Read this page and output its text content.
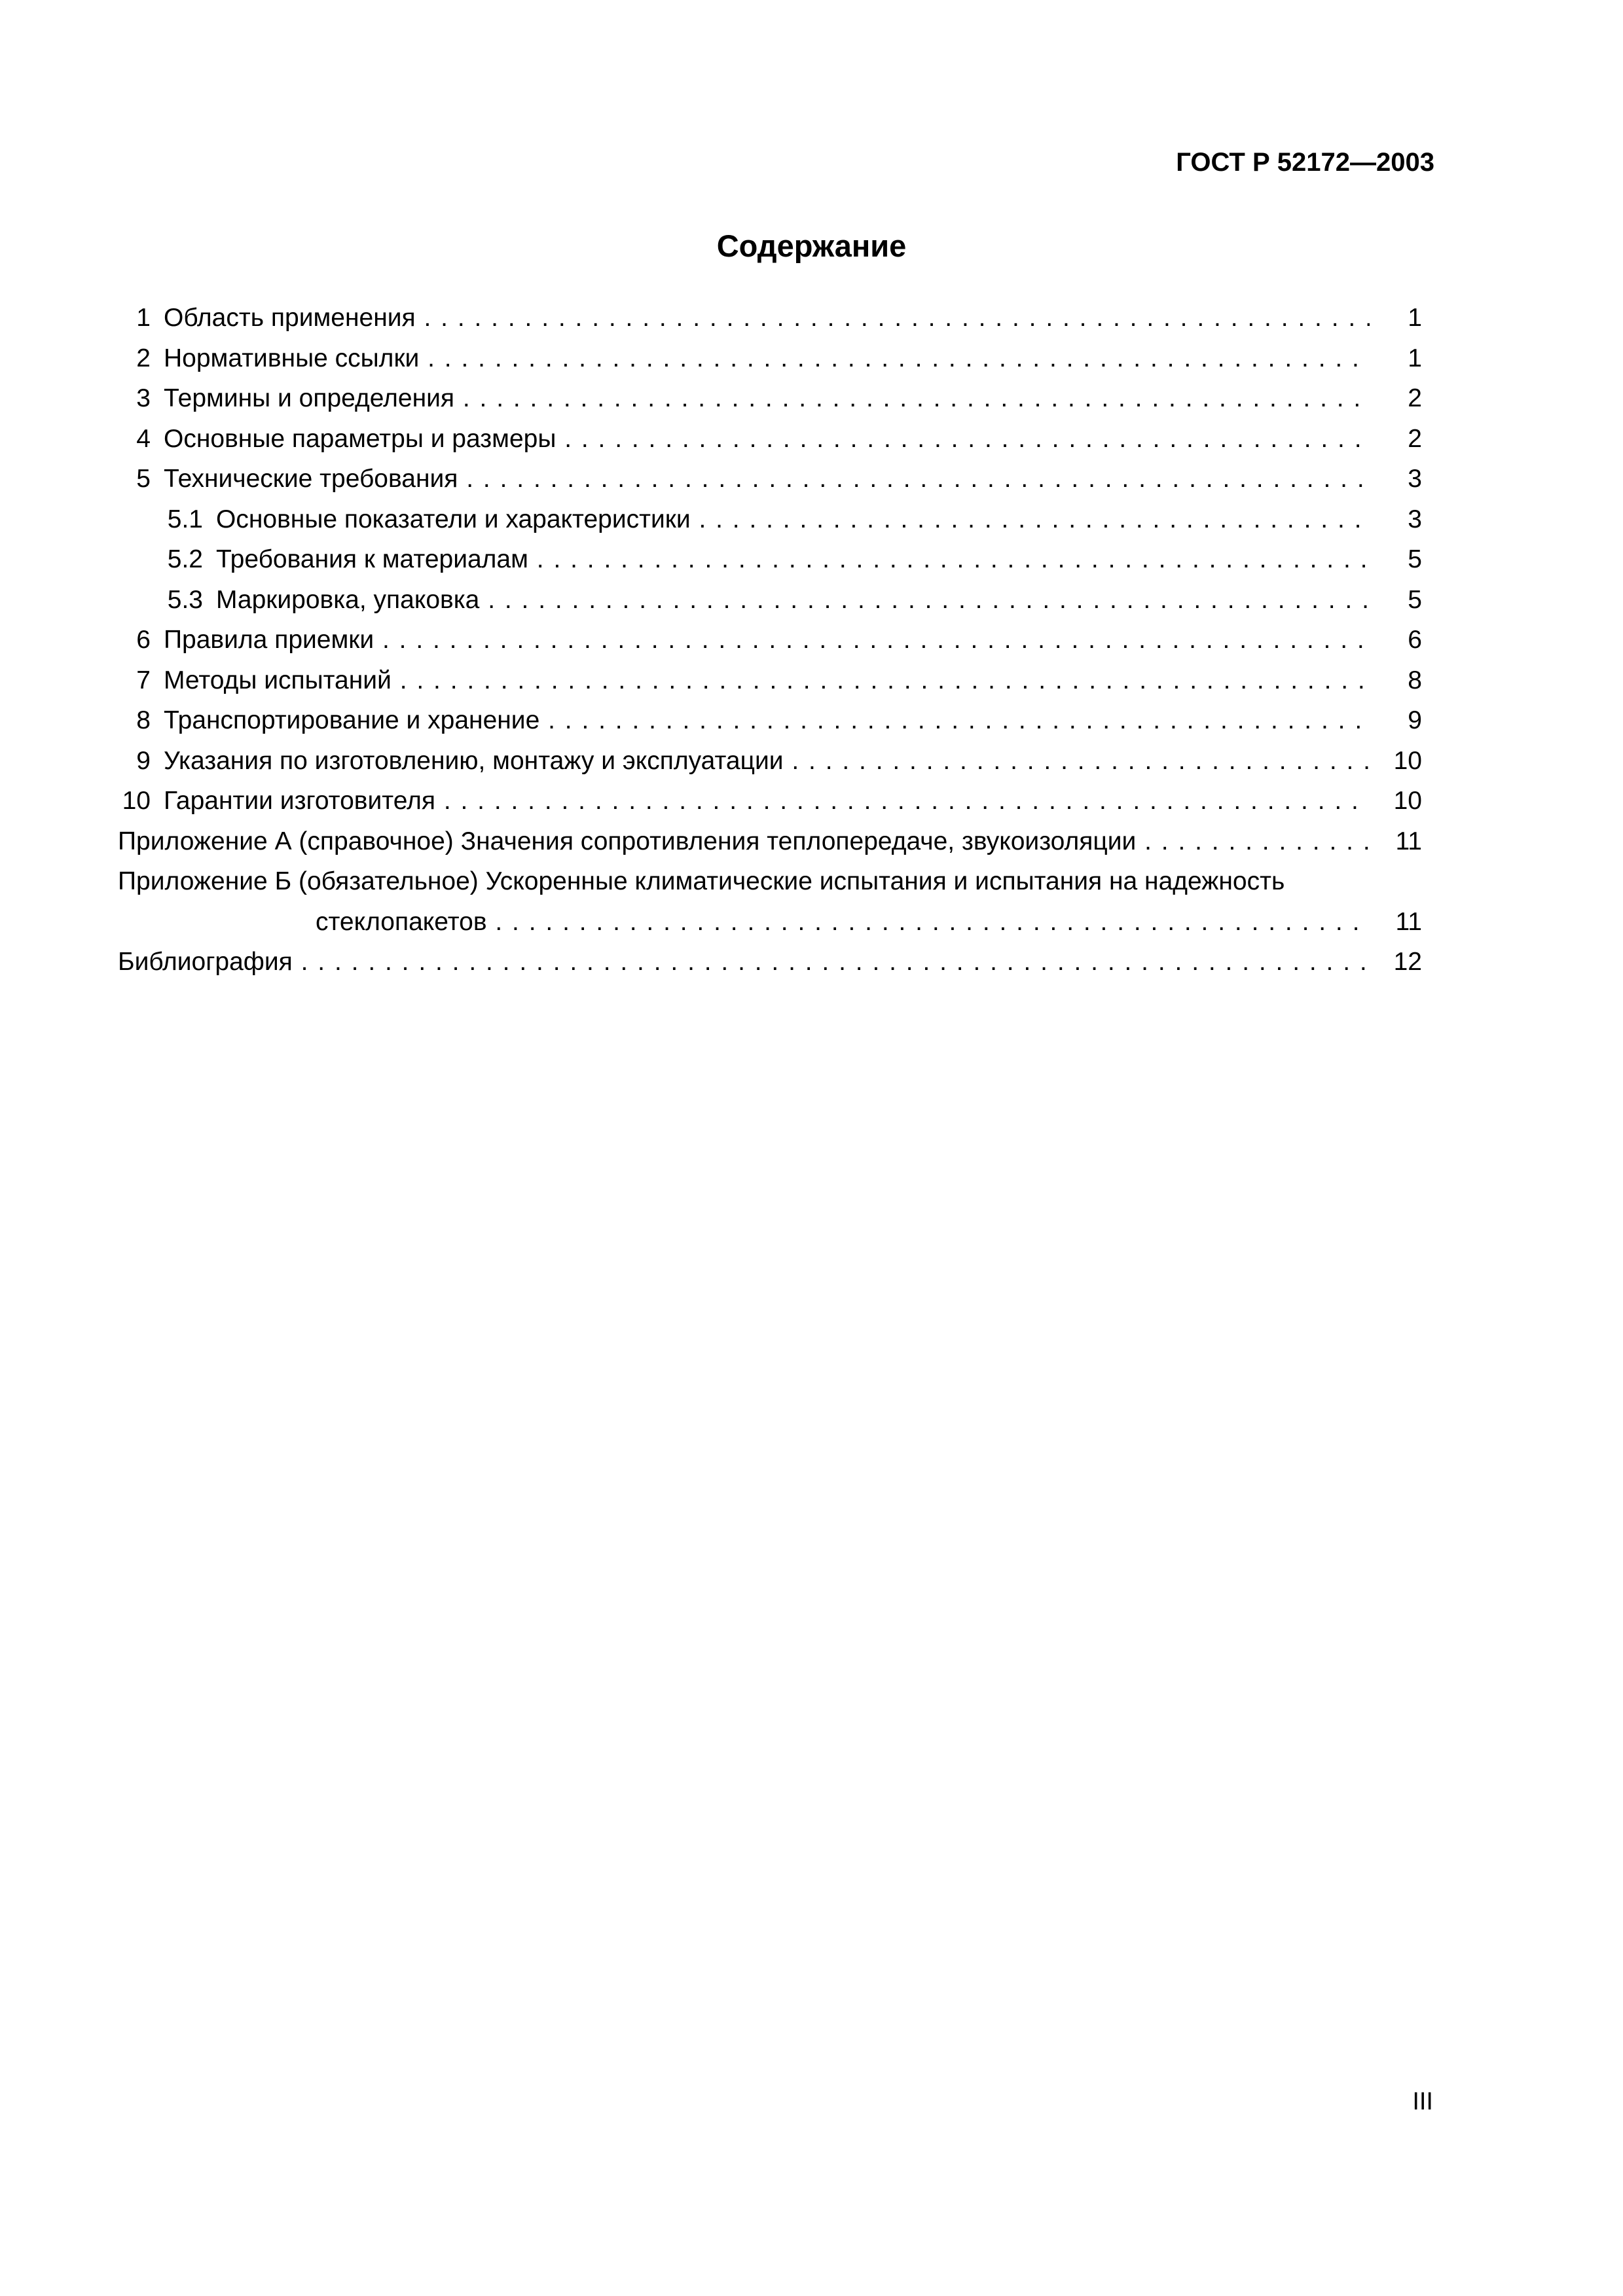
ГОСТ Р 52172—2003
Содержание
1 Область применения . . .	1
2 Нормативные ссылки . . .	1
3 Термины и определения . . .	2
4 Основные параметры и размеры . . .	2
5 Технические требования . . .	3
5.1 Основные показатели и характеристики . . .	3
5.2 Требования к материалам . . .	5
5.3 Маркировка, упаковка . . .	5
6 Правила приемки . . .	6
7 Методы испытаний . . .	8
8 Транспортирование и хранение . . .	9
9 Указания по изготовлению, монтажу и эксплуатации . . .	10
10 Гарантии изготовителя . . .	10
Приложение А (справочное) Значения сопротивления теплопередаче, звукоизоляции . . .	11
Приложение Б (обязательное) Ускоренные климатические испытания и испытания на надежность
стеклопакетов . . .	11
Библиография . . .	12
III
